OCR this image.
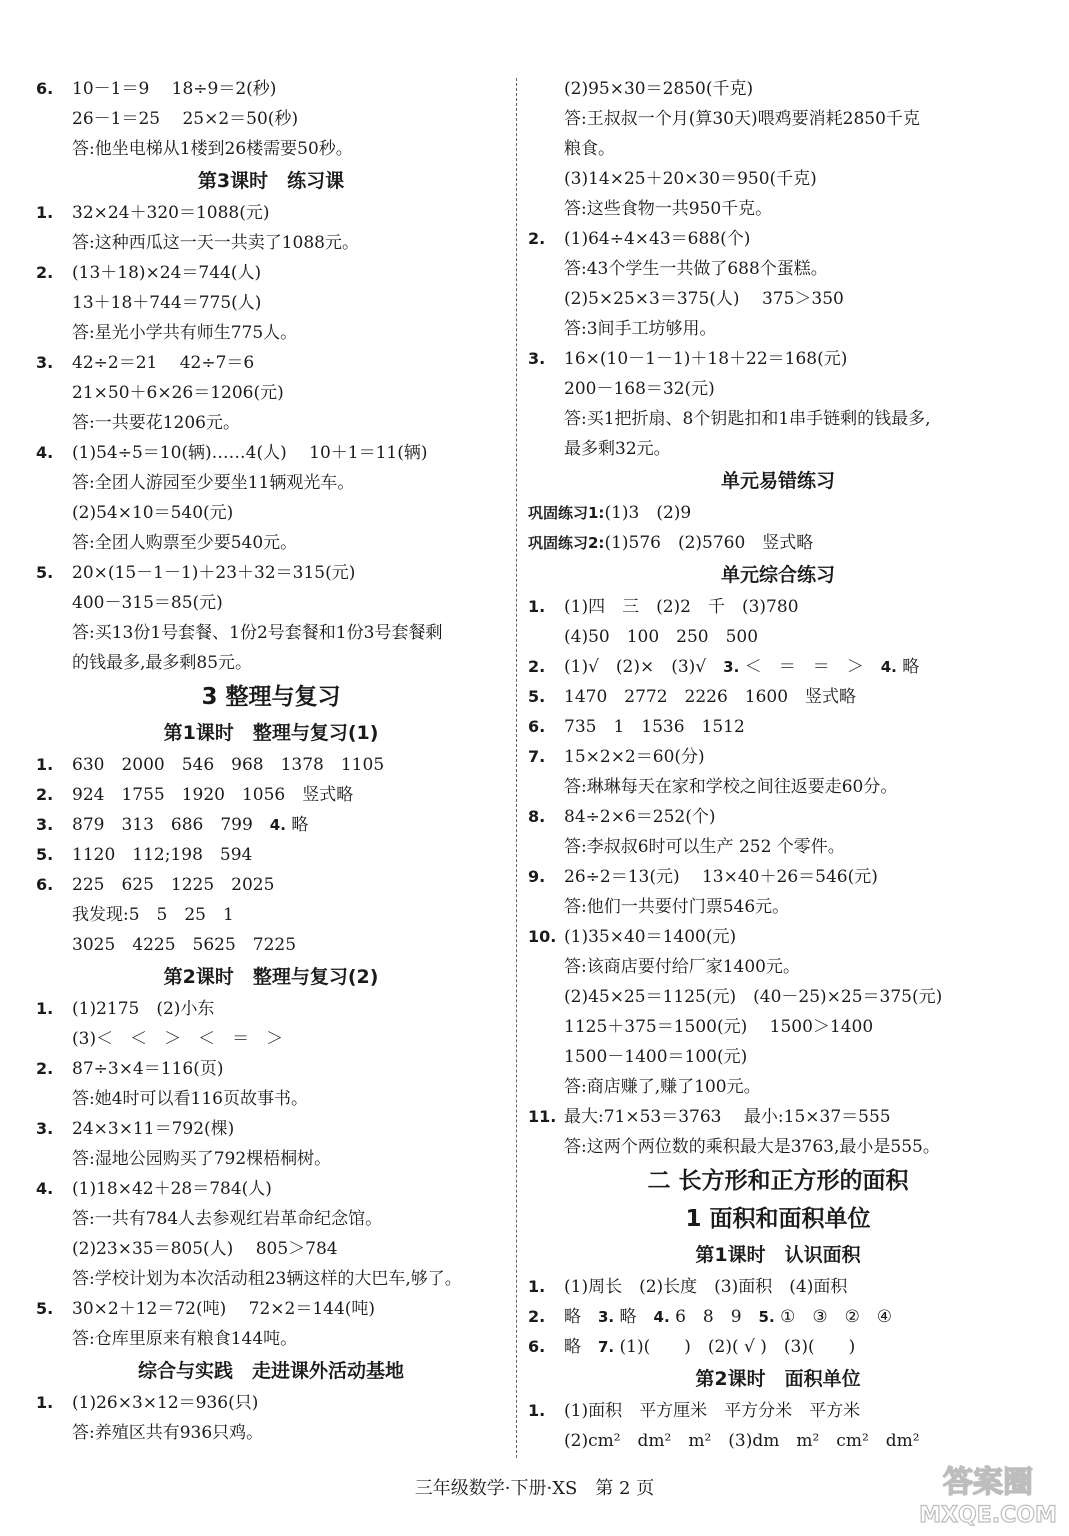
6.	10－1＝9　 18÷9＝2(秒)
26－1＝25　 25×2＝50(秒)
答:他坐电梯从1楼到26楼需要50秒。
第3课时　练习课
1.	32×24＋320＝1088(元)
答:这种西瓜这一天一共卖了1088元。
2.	(13＋18)×24＝744(人)
13＋18＋744＝775(人)
答:星光小学共有师生775人。
3.	42÷2＝21　 42÷7＝6
21×50＋6×26＝1206(元)
答:一共要花1206元。
4.	(1)54÷5＝10(辆)……4(人)　 10＋1＝11(辆)
答:全团人游园至少要坐11辆观光车。
(2)54×10＝540(元)
答:全团人购票至少要540元。
5.	20×(15－1－1)＋23＋32＝315(元)
400－315＝85(元)
答:买13份1号套餐、1份2号套餐和1份3号套餐剩
的钱最多,最多剩85元。
3 整理与复习
第1课时　整理与复习(1)
1.	630　2000　546　968　1378　1105
2.	924　1755　1920　1056　竖式略
3.	879　313　686　799　4. 略
5.	1120　112;198　594
6.	225　625　1225　2025
我发现:5　5　25　1
3025　4225　5625　7225
第2课时　整理与复习(2)
1.	(1)2175　(2)小东
(3)＜　＜　＞　＜　＝　＞
2.	87÷3×4＝116(页)
答:她4时可以看116页故事书。
3.	24×3×11＝792(棵)
答:湿地公园购买了792棵梧桐树。
4.	(1)18×42＋28＝784(人)
答:一共有784人去参观红岩革命纪念馆。
(2)23×35＝805(人)　 805＞784
答:学校计划为本次活动租23辆这样的大巴车,够了。
5.	30×2＋12＝72(吨)　 72×2＝144(吨)
答:仓库里原来有粮食144吨。
综合与实践　走进课外活动基地
1.	(1)26×3×12＝936(只)
答:养殖区共有936只鸡。
(2)95×30＝2850(千克)
答:王叔叔一个月(算30天)喂鸡要消耗2850千克
粮食。
(3)14×25＋20×30＝950(千克)
答:这些食物一共950千克。
2.	(1)64÷4×43＝688(个)
答:43个学生一共做了688个蛋糕。
(2)5×25×3＝375(人)　 375＞350
答:3间手工坊够用。
3.	16×(10－1－1)＋18＋22＝168(元)
200－168＝32(元)
答:买1把折扇、8个钥匙扣和1串手链剩的钱最多,
最多剩32元。
单元易错练习
巩固练习1:(1)3　(2)9
巩固练习2:(1)576　(2)5760　竖式略
单元综合练习
1.	(1)四　三　(2)2　千　(3)780
(4)50　100　250　500
2.	(1)√　(2)×　(3)√　3. ＜　＝　＝　＞　4. 略
5.	1470　2772　2226　1600　竖式略
6.	735　1　1536　1512
7.	15×2×2＝60(分)
答:琳琳每天在家和学校之间往返要走60分。
8.	84÷2×6＝252(个)
答:李叔叔6时可以生产 252 个零件。
9.	26÷2＝13(元)　 13×40＋26＝546(元)
答:他们一共要付门票546元。
10. (1)35×40＝1400(元)
答:该商店要付给厂家1400元。
(2)45×25＝1125(元)　(40－25)×25＝375(元)
1125＋375＝1500(元)　 1500＞1400
1500－1400＝100(元)
答:商店赚了,赚了100元。
11. 最大:71×53＝3763　 最小:15×37＝555
答:这两个两位数的乘积最大是3763,最小是555。
二 长方形和正方形的面积
1 面积和面积单位
第1课时　认识面积
1.	(1)周长　(2)长度　(3)面积　(4)面积
2.	略　3. 略　4. 6　8　9　5. ①　③　②　④
6.	略　7. (1)(　　)　(2)( √ )　(3)(　　)
第2课时　面积单位
1.	(1)面积　平方厘米　平方分米　平方米
(2)cm²　dm²　m²　(3)dm　m²　cm²　dm²
三年级数学·下册·XS　第 2 页	答案圈
MXQE.COM
